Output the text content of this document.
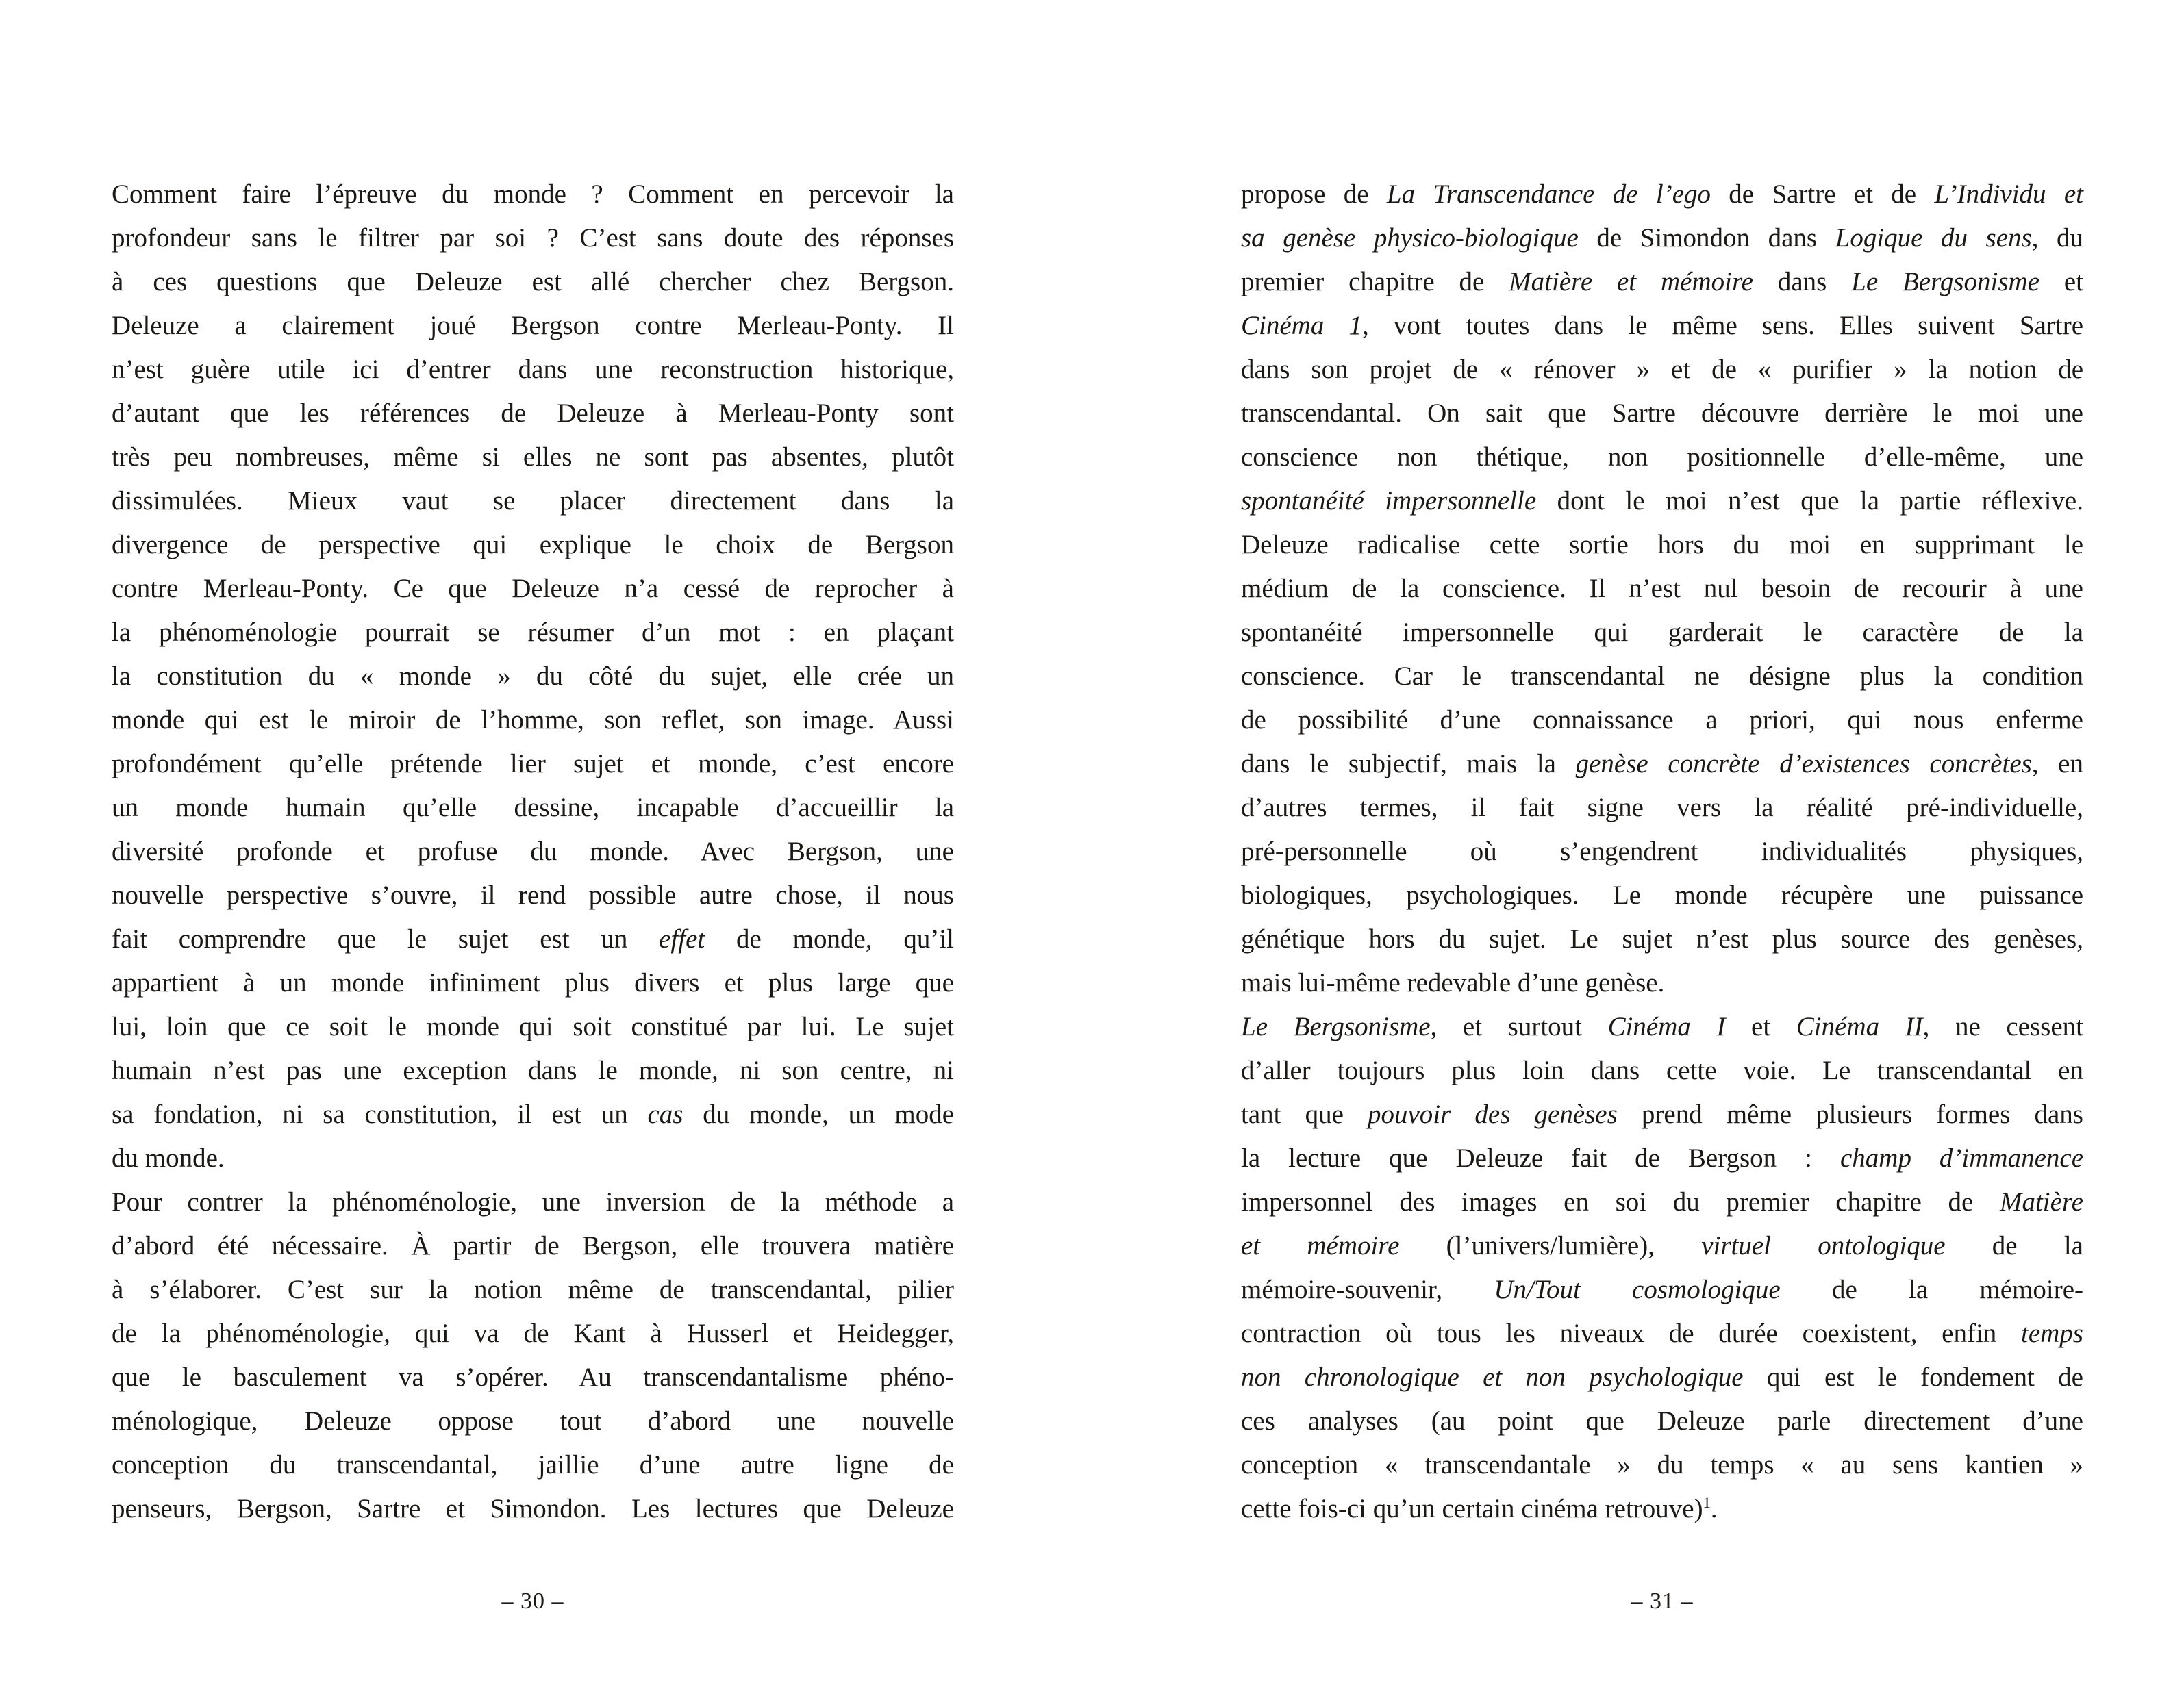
Comment faire l’épreuve du monde ? Comment en percevoir la
profondeur sans le filtrer par soi ? C’est sans doute des réponses
à ces questions que Deleuze est allé chercher chez Bergson.
Deleuze a clairement joué Bergson contre Merleau-Ponty. Il
n’est guère utile ici d’entrer dans une reconstruction historique,
d’autant que les références de Deleuze à Merleau-Ponty sont
très peu nombreuses, même si elles ne sont pas absentes, plutôt
dissimulées. Mieux vaut se placer directement dans la
divergence de perspective qui explique le choix de Bergson
contre Merleau-Ponty. Ce que Deleuze n’a cessé de reprocher à
la phénoménologie pourrait se résumer d’un mot : en plaçant
la constitution du « monde » du côté du sujet, elle crée un
monde qui est le miroir de l’homme, son reflet, son image. Aussi
profondément qu’elle prétende lier sujet et monde, c’est encore
un monde humain qu’elle dessine, incapable d’accueillir la
diversité profonde et profuse du monde. Avec Bergson, une
nouvelle perspective s’ouvre, il rend possible autre chose, il nous
fait comprendre que le sujet est un effet de monde, qu’il
appartient à un monde infiniment plus divers et plus large que
lui, loin que ce soit le monde qui soit constitué par lui. Le sujet
humain n’est pas une exception dans le monde, ni son centre, ni
sa fondation, ni sa constitution, il est un cas du monde, un mode
du monde.
Pour contrer la phénoménologie, une inversion de la méthode a
d’abord été nécessaire. À partir de Bergson, elle trouvera matière
à s’élaborer. C’est sur la notion même de transcendantal, pilier
de la phénoménologie, qui va de Kant à Husserl et Heidegger,
que le basculement va s’opérer. Au transcendantalisme phéno-
ménologique, Deleuze oppose tout d’abord une nouvelle
conception du transcendantal, jaillie d’une autre ligne de
penseurs, Bergson, Sartre et Simondon. Les lectures que Deleuze
– 30 –
propose de La Transcendance de l’ego de Sartre et de L’Individu et
sa genèse physico-biologique de Simondon dans Logique du sens, du
premier chapitre de Matière et mémoire dans Le Bergsonisme et
Cinéma 1, vont toutes dans le même sens. Elles suivent Sartre
dans son projet de « rénover » et de « purifier » la notion de
transcendantal. On sait que Sartre découvre derrière le moi une
conscience non thétique, non positionnelle d’elle-même, une
spontanéité impersonnelle dont le moi n’est que la partie réflexive.
Deleuze radicalise cette sortie hors du moi en supprimant le
médium de la conscience. Il n’est nul besoin de recourir à une
spontanéité impersonnelle qui garderait le caractère de la
conscience. Car le transcendantal ne désigne plus la condition
de possibilité d’une connaissance a priori, qui nous enferme
dans le subjectif, mais la genèse concrète d’existences concrètes, en
d’autres termes, il fait signe vers la réalité pré-individuelle,
pré-personnelle où s’engendrent individualités physiques,
biologiques, psychologiques. Le monde récupère une puissance
génétique hors du sujet. Le sujet n’est plus source des genèses,
mais lui-même redevable d’une genèse.
Le Bergsonisme, et surtout Cinéma I et Cinéma II, ne cessent
d’aller toujours plus loin dans cette voie. Le transcendantal en
tant que pouvoir des genèses prend même plusieurs formes dans
la lecture que Deleuze fait de Bergson : champ d’immanence
impersonnel des images en soi du premier chapitre de Matière
et mémoire (l’univers/lumière), virtuel ontologique de la
mémoire-souvenir, Un/Tout cosmologique de la mémoire-
contraction où tous les niveaux de durée coexistent, enfin temps
non chronologique et non psychologique qui est le fondement de
ces analyses (au point que Deleuze parle directement d’une
conception « transcendantale » du temps « au sens kantien »
cette fois-ci qu’un certain cinéma retrouve)$^1$.
– 31 –
